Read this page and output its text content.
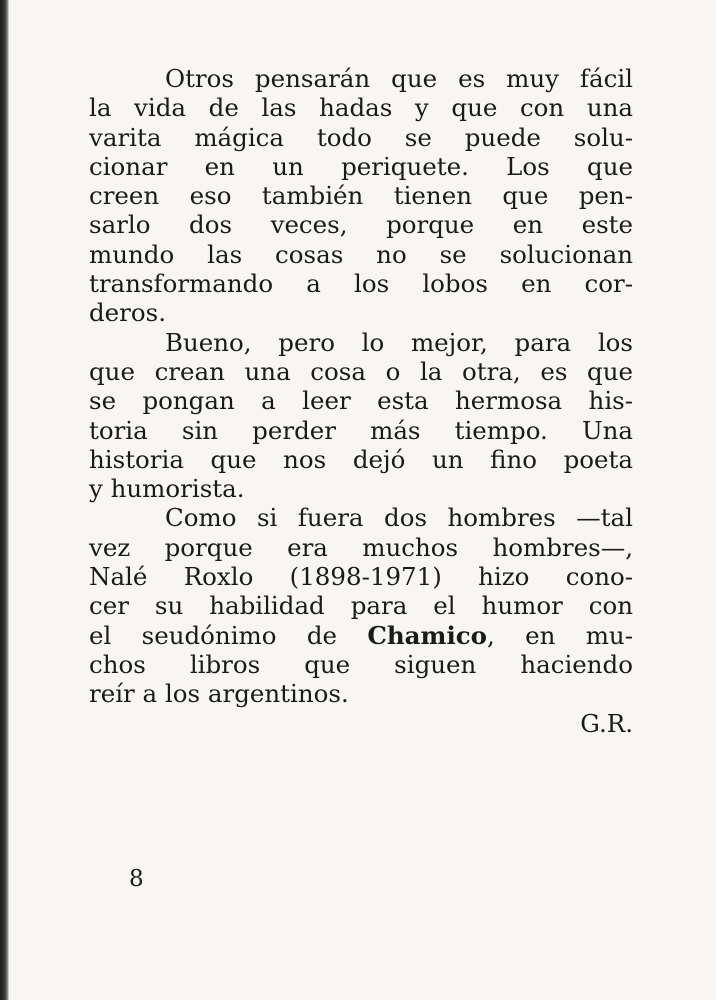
Otros pensarán que es muy fácil
la vida de las hadas y que con una
varita mágica todo se puede solu-
cionar en un periquete. Los que
creen eso también tienen que pen-
sarlo dos veces, porque en este
mundo las cosas no se solucionan
transformando a los lobos en cor-
deros.

Bueno, pero lo mejor, para los
que crean una cosa o la otra, es que
se pongan a leer esta hermosa his-
toria sin perder más tiempo. Una
historia que nos dejó un fino poeta
y humorista.

Como si fuera dos hombres —tal
vez porque era muchos hombres—,
Nalé Roxlo (1898-1971) hizo cono-
cer su habilidad para el humor con
el seudónimo de Chamico, en mu-
chos libros que siguen haciendo
reír a los argentinos.

G.R.

8
